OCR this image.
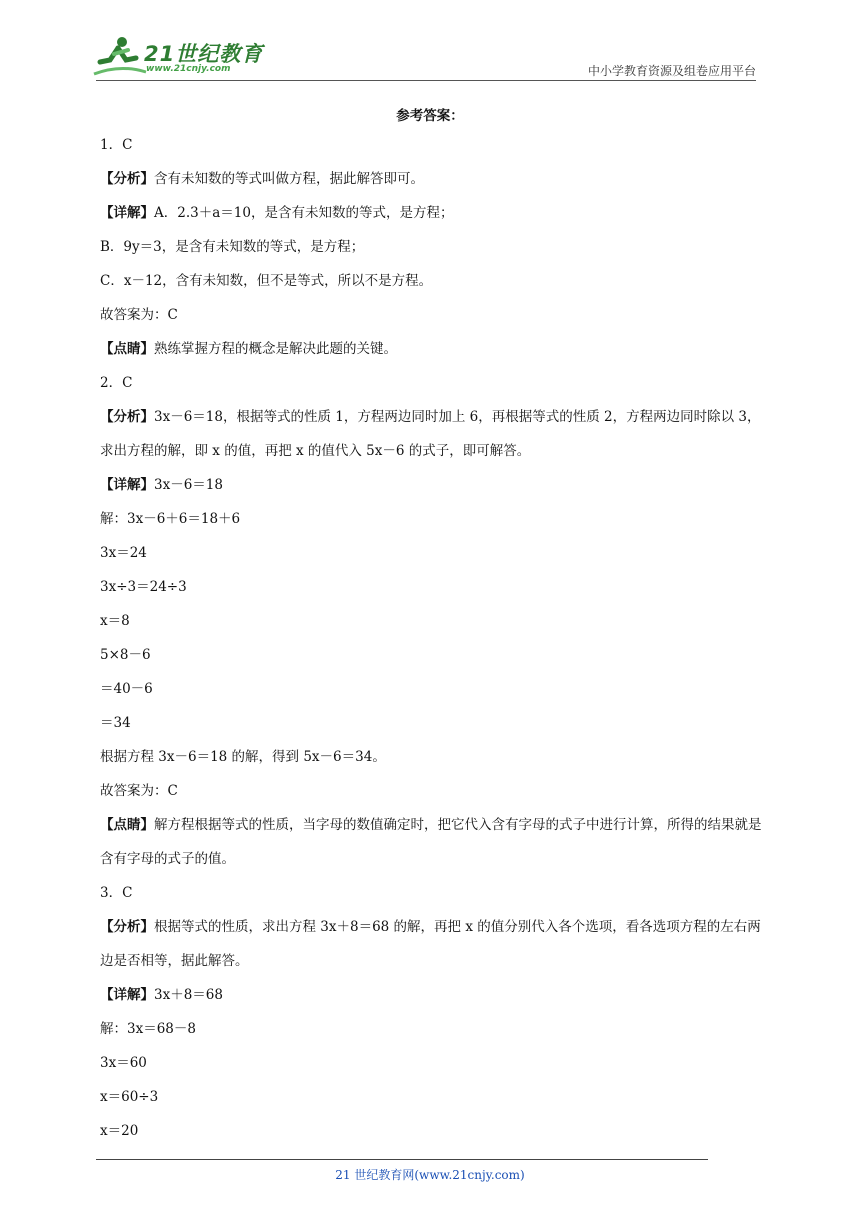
21世纪教育
www.21cnjy.com	中小学教育资源及组卷应用平台
参考答案：
1．C
【分析】含有未知数的等式叫做方程，据此解答即可。
【详解】A．2.3＋a＝10，是含有未知数的等式，是方程；
B．9y＝3，是含有未知数的等式，是方程；
C．x－12，含有未知数，但不是等式，所以不是方程。
故答案为：C
【点睛】熟练掌握方程的概念是解决此题的关键。
2．C
【分析】3x－6＝18，根据等式的性质 1，方程两边同时加上 6，再根据等式的性质 2，方程两边同时除以 3，求出方程的解，即 x 的值，再把 x 的值代入 5x－6 的式子，即可解答。
【详解】3x－6＝18
解：3x－6＋6＝18＋6
3x＝24
3x÷3＝24÷3
x＝8
5×8－6
＝40－6
＝34
根据方程 3x－6＝18 的解，得到 5x－6＝34。
故答案为：C
【点睛】解方程根据等式的性质，当字母的数值确定时，把它代入含有字母的式子中进行计算，所得的结果就是含有字母的式子的值。
3．C
【分析】根据等式的性质，求出方程 3x＋8＝68 的解，再把 x 的值分别代入各个选项，看各选项方程的左右两边是否相等，据此解答。
【详解】3x＋8＝68
解：3x＝68－8
3x＝60
x＝60÷3
x＝20
21 世纪教育网(www.21cnjy.com)
